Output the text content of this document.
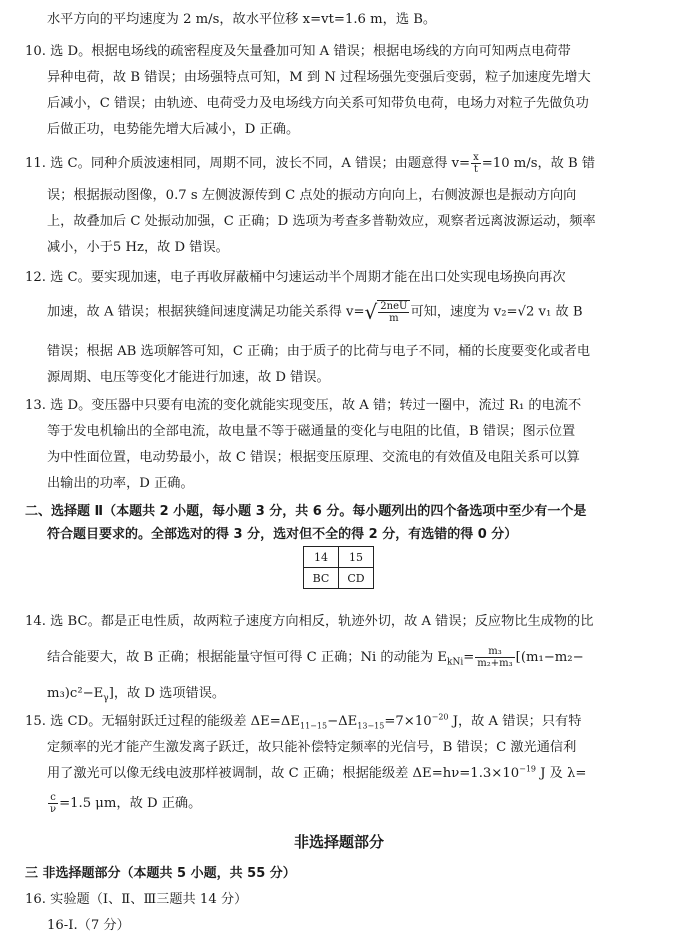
水平方向的平均速度为 2 m/s，故水平位移 x=vt=1.6 m，选 B。
10. 选 D。根据电场线的疏密程度及矢量叠加可知 A 错误；根据电场线的方向可知两点电荷带
异种电荷，故 B 错误；由场强特点可知，M 到 N 过程场强先变强后变弱，粒子加速度先增大
后减小，C 错误；由轨迹、电荷受力及电场线方向关系可知带负电荷，电场力对粒子先做负功
后做正功，电势能先增大后减小，D 正确。
11. 选 C。同种介质波速相同，周期不同，波长不同，A 错误；由题意得 $v= \frac{x}{t} =10$ m/s，故 B 错
误；根据振动图像，0.7 s 左侧波源传到 C 点处的振动方向向上，右侧波源也是振动方向向
上，故叠加后 C 处振动加强，C 正确；D 选项为考查多普勒效应，观察者远离波源运动，频率
减小，小于5 Hz，故 D 错误。
12. 选 C。要实现加速，电子再收屏蔽桶中匀速运动半个周期才能在出口处实现电场换向再次
加速，故 A 错误；根据狭缝间速度满足功能关系得 $v=√ \frac{\text{2neU}}{m}$ 可知，速度为 v₂=√2 v₁ 故 B
错误；根据 AB 选项解答可知，C 正确；由于质子的比荷与电子不同，桶的长度要变化或者电
源周期、电压等变化才能进行加速，故 D 错误。
13. 选 D。变压器中只要有电流的变化就能实现变压，故 A 错；转过一圈中，流过 R₁ 的电流不
等于发电机输出的全部电流，故电量不等于磁通量的变化与电阻的比值，B 错误；图示位置
为中性面位置，电动势最小，故 C 错误；根据变压原理、交流电的有效值及电阻关系可以算
出输出的功率，D 正确。
二、选择题 Ⅱ（本题共 2 小题，每小题 3 分，共 6 分。每小题列出的四个备选项中至少有一个是
符合题目要求的。全部选对的得 3 分，选对但不全的得 2 分，有选错的得 0 分）
14	15
BC	CD
14. 选 BC。都是正电性质，故两粒子速度方向相反，轨迹外切，故 A 错误；反应物比生成物的比
结合能要大，故 B 正确；根据能量守恒可得 C 正确；Ni 的动能为 $E_{kNi}= \frac{\text{m₃}}{\text{m₂+m₃}} [(m_1-m_2-$
$m_3)c^2-E_\gamma$]，故 D 选项错误。
15. 选 CD。无辐射跃迁过程的能级差 $\Delta E=\Delta E_{11-15}-\Delta E_{13-15}=7\times 10^{-20}$ J，故 A 错误；只有特
定频率的光才能产生激发离子跃迁，故只能补偿特定频率的光信号，B 错误；C 激光通信利
用了激光可以像无线电波那样被调制，故 C 正确；根据能级差 $\Delta E=h\nu=1.3\times 10^{-19}$ J 及 λ=
$\frac{c}{\nu} =1.5$ μm，故 D 正确。
非选择题部分
三 非选择题部分（本题共 5 小题，共 55 分）
16. 实验题（Ⅰ、Ⅱ、Ⅲ三题共 14 分）
16-Ⅰ.（7 分）
